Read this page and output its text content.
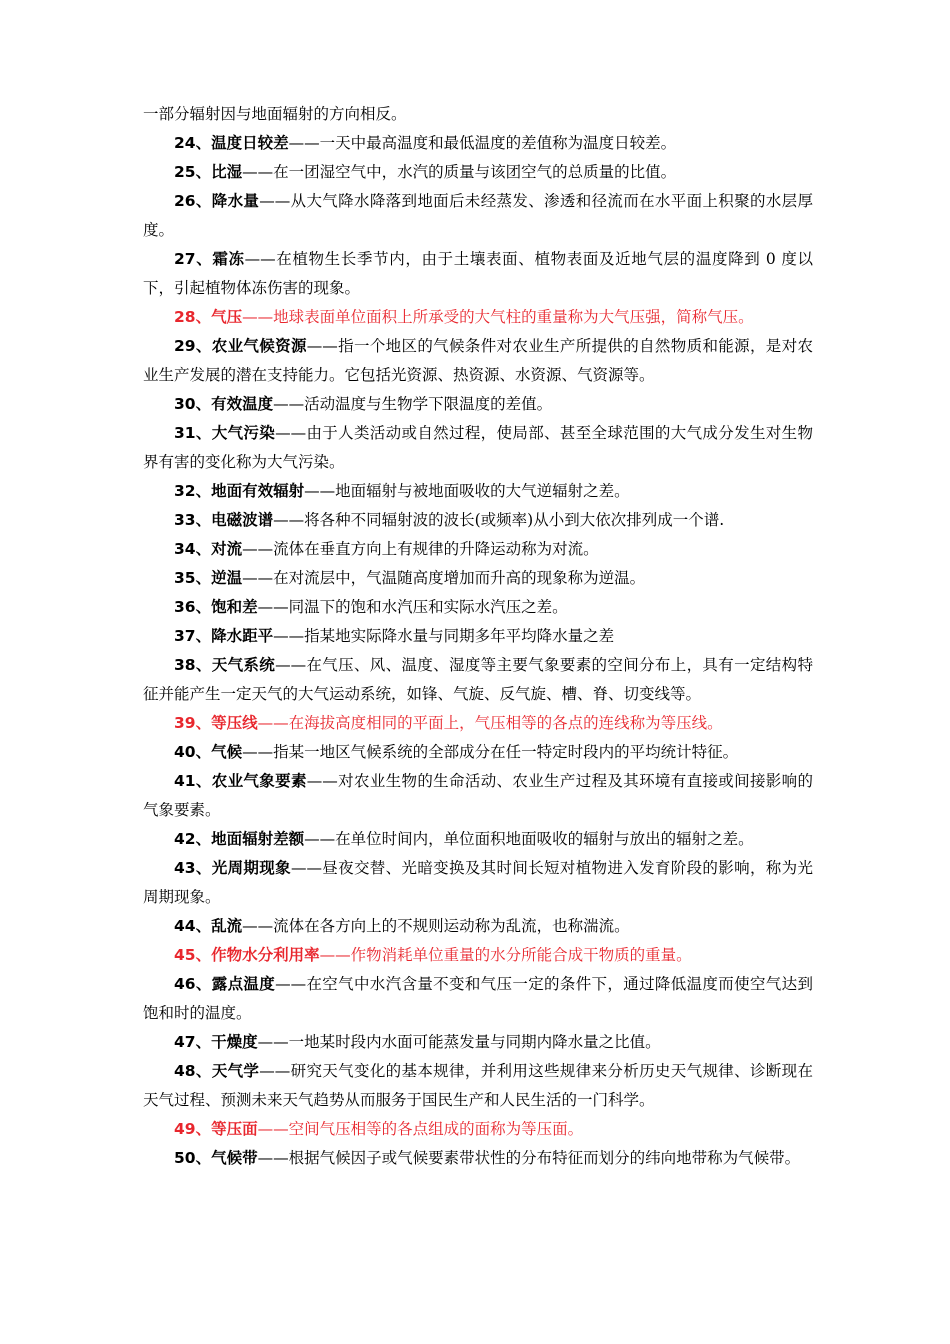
一部分辐射因与地面辐射的方向相反。

24、温度日较差——一天中最高温度和最低温度的差值称为温度日较差。

25、比湿——在一团湿空气中，水汽的质量与该团空气的总质量的比值。

26、降水量——从大气降水降落到地面后未经蒸发、渗透和径流而在水平面上积聚的水层厚度。

27、霜冻——在植物生长季节内，由于土壤表面、植物表面及近地气层的温度降到 0 度以下，引起植物体冻伤害的现象。

28、气压——地球表面单位面积上所承受的大气柱的重量称为大气压强，简称气压。

29、农业气候资源——指一个地区的气候条件对农业生产所提供的自然物质和能源，是对农业生产发展的潜在支持能力。它包括光资源、热资源、水资源、气资源等。

30、有效温度——活动温度与生物学下限温度的差值。

31、大气污染——由于人类活动或自然过程，使局部、甚至全球范围的大气成分发生对生物界有害的变化称为大气污染。

32、地面有效辐射——地面辐射与被地面吸收的大气逆辐射之差。

33、电磁波谱——将各种不同辐射波的波长(或频率)从小到大依次排列成一个谱.

34、对流——流体在垂直方向上有规律的升降运动称为对流。

35、逆温——在对流层中，气温随高度增加而升高的现象称为逆温。

36、饱和差——同温下的饱和水汽压和实际水汽压之差。

37、降水距平——指某地实际降水量与同期多年平均降水量之差

38、天气系统——在气压、风、温度、湿度等主要气象要素的空间分布上，具有一定结构特征并能产生一定天气的大气运动系统，如锋、气旋、反气旋、槽、脊、切变线等。

39、等压线——在海拔高度相同的平面上，气压相等的各点的连线称为等压线。

40、气候——指某一地区气候系统的全部成分在任一特定时段内的平均统计特征。

41、农业气象要素——对农业生物的生命活动、农业生产过程及其环境有直接或间接影响的气象要素。

42、地面辐射差额——在单位时间内，单位面积地面吸收的辐射与放出的辐射之差。

43、光周期现象——昼夜交替、光暗变换及其时间长短对植物进入发育阶段的影响，称为光周期现象。

44、乱流——流体在各方向上的不规则运动称为乱流，也称湍流。

45、作物水分利用率——作物消耗单位重量的水分所能合成干物质的重量。

46、露点温度——在空气中水汽含量不变和气压一定的条件下，通过降低温度而使空气达到饱和时的温度。

47、干燥度——一地某时段内水面可能蒸发量与同期内降水量之比值。

48、天气学——研究天气变化的基本规律，并利用这些规律来分析历史天气规律、诊断现在天气过程、预测未来天气趋势从而服务于国民生产和人民生活的一门科学。

49、等压面——空间气压相等的各点组成的面称为等压面。

50、气候带——根据气候因子或气候要素带状性的分布特征而划分的纬向地带称为气候带。
